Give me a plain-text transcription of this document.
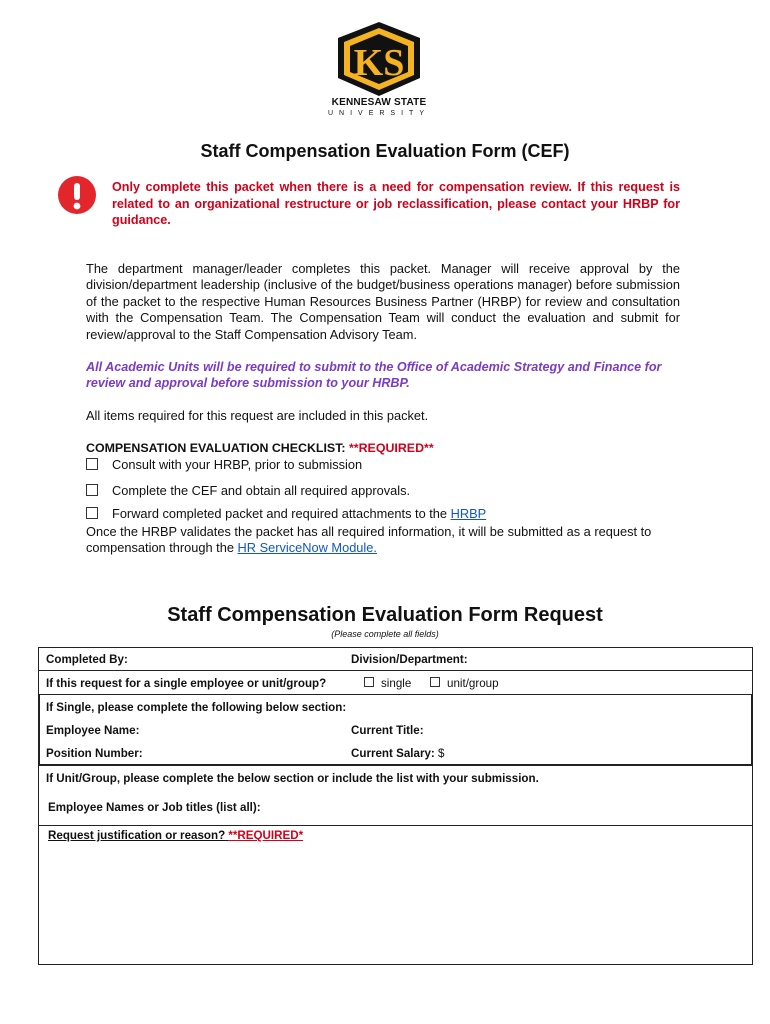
KS
KENNESAW STATE
UNIVERSITY
Staff Compensation Evaluation Form (CEF)
Only complete this packet when there is a need for compensation review. If this request is related to an organizational restructure or job reclassification, please contact your HRBP for guidance.
The department manager/leader completes this packet. Manager will receive approval by the division/department leadership (inclusive of the budget/business operations manager) before submission of the packet to the respective Human Resources Business Partner (HRBP) for review and consultation with the Compensation Team. The Compensation Team will conduct the evaluation and submit for review/approval to the Staff Compensation Advisory Team.
All Academic Units will be required to submit to the Office of Academic Strategy and Finance for review and approval before submission to your HRBP.
All items required for this request are included in this packet.
COMPENSATION EVALUATION CHECKLIST: **REQUIRED**
Consult with your HRBP, prior to submission
Complete the CEF and obtain all required approvals.
Forward completed packet and required attachments to the HRBP
Once the HRBP validates the packet has all required information, it will be submitted as a request to compensation through the HR ServiceNow Module.
Staff Compensation Evaluation Form Request
(Please complete all fields)
Completed By:	Division/Department:
If this request for a single employee or unit/group?	single	unit/group
If Single, please complete the following below section:
Employee Name:	Current Title:
Position Number:	Current Salary: $
If Unit/Group, please complete the below section or include the list with your submission.
Employee Names or Job titles (list all):
Request justification or reason? **REQUIRED*
